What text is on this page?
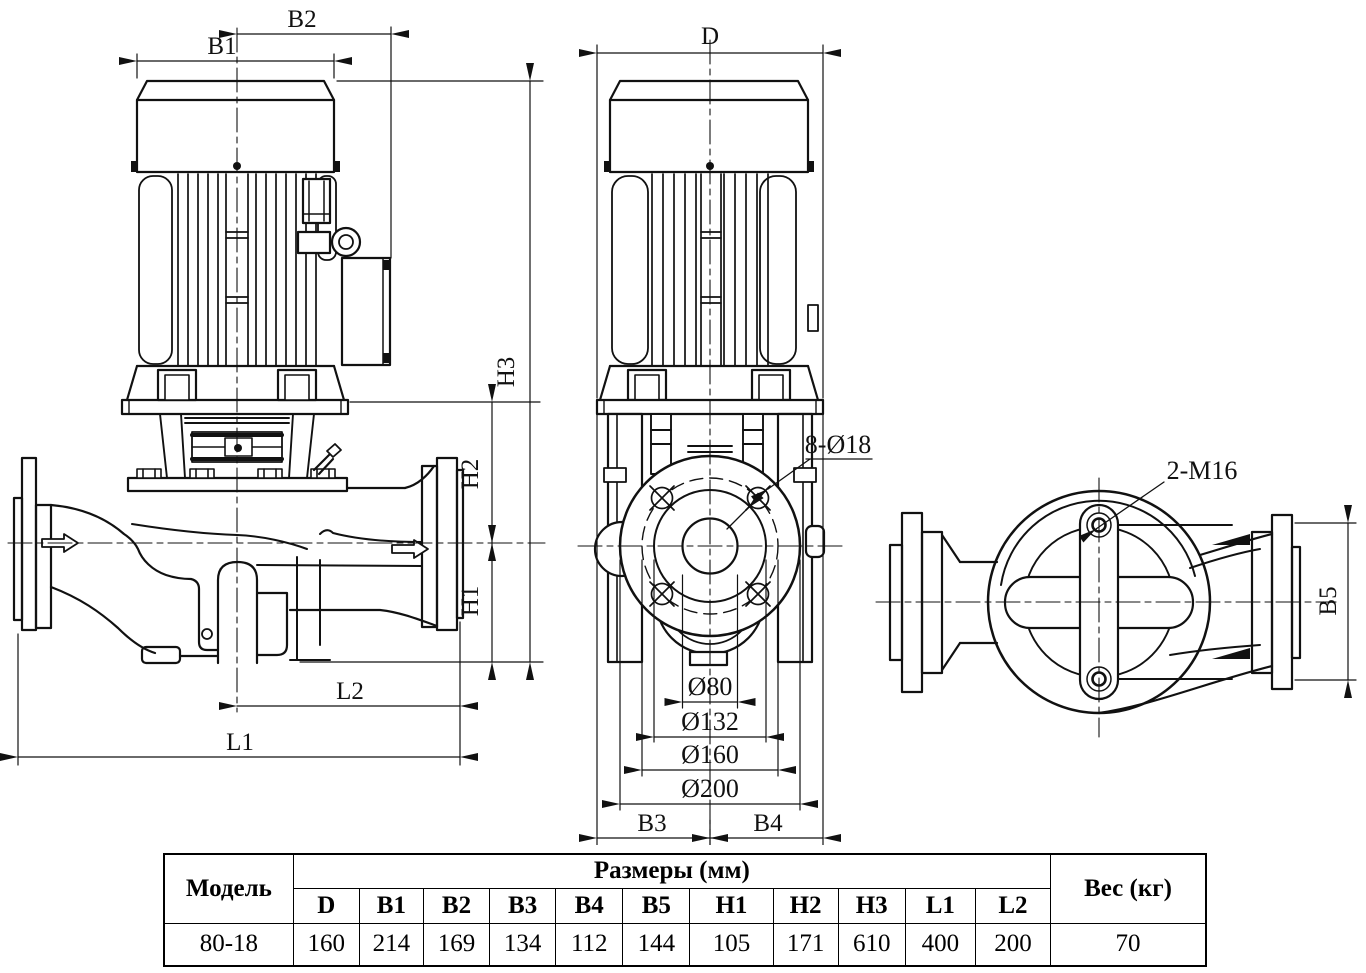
B1
B2
H3
H2
H1
L2
L1
D
8-Ø18
Ø80
Ø132
Ø160
Ø200
B3	B4
2-M16
B5
Модель	Размеры (мм)											Вес (кг)
	D	B1	B2	B3	B4	B5	H1	H2	H3	L1	L2	
80-18	160	214	169	134	112	144	105	171	610	400	200	70
